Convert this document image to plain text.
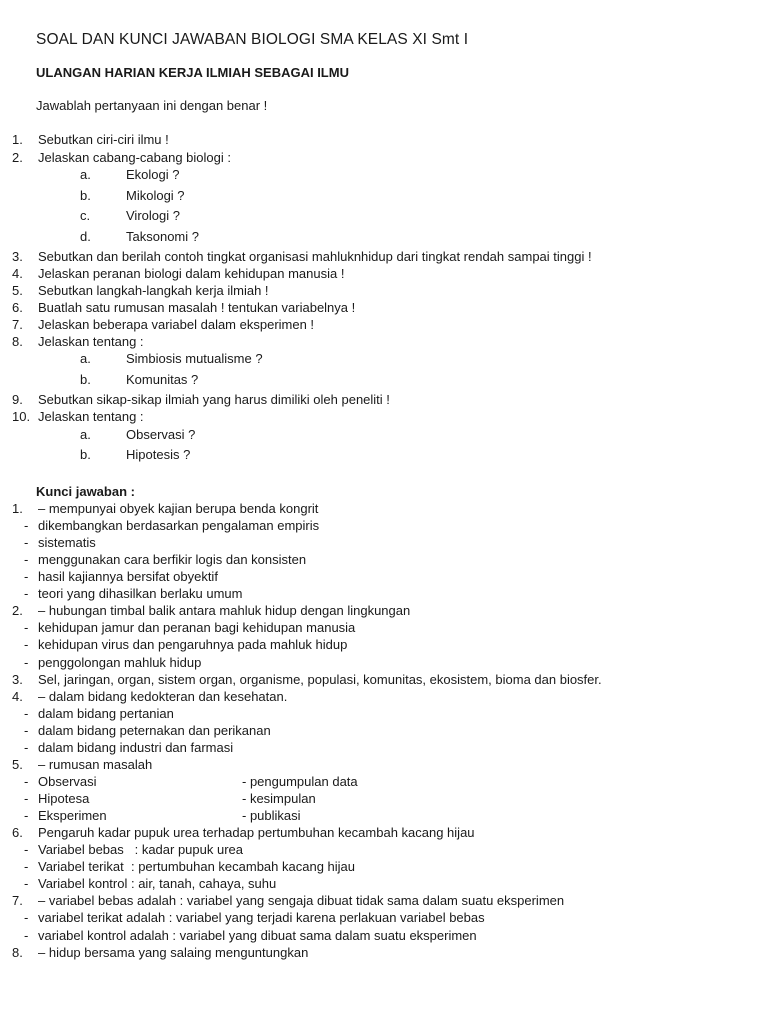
SOAL DAN KUNCI JAWABAN BIOLOGI SMA KELAS XI Smt I
ULANGAN HARIAN KERJA ILMIAH SEBAGAI ILMU
Jawablah pertanyaan ini dengan benar !
1. Sebutkan ciri-ciri ilmu !
2. Jelaskan cabang-cabang biologi :
a.	Ekologi ?
b.	Mikologi ?
c.	Virologi ?
d.	Taksonomi ?
3. Sebutkan dan berilah contoh tingkat organisasi mahluknhidup dari tingkat rendah sampai tinggi !
4. Jelaskan peranan biologi dalam kehidupan manusia !
5. Sebutkan langkah-langkah kerja ilmiah !
6. Buatlah satu rumusan masalah ! tentukan variabelnya !
7. Jelaskan beberapa variabel dalam eksperimen !
8. Jelaskan tentang :
a.	Simbiosis mutualisme ?
b.	Komunitas ?
9. Sebutkan sikap-sikap ilmiah yang harus dimiliki oleh peneliti !
10. Jelaskan tentang :
a.	Observasi ?
b.	Hipotesis ?
Kunci jawaban :
1. – mempunyai obyek kajian berupa benda kongrit
- dikembangkan berdasarkan pengalaman empiris
- sistematis
- menggunakan cara berfikir logis dan konsisten
- hasil kajiannya bersifat obyektif
- teori yang dihasilkan berlaku umum
2. – hubungan timbal balik antara mahluk hidup dengan lingkungan
- kehidupan jamur dan peranan bagi kehidupan manusia
- kehidupan virus dan pengaruhnya pada mahluk hidup
- penggolongan mahluk hidup
3. Sel, jaringan, organ, sistem organ, organisme, populasi, komunitas, ekosistem, bioma dan biosfer.
4. – dalam bidang kedokteran dan kesehatan.
- dalam bidang pertanian
- dalam bidang peternakan dan perikanan
- dalam bidang industri dan farmasi
5. – rumusan masalah
- Observasi	- pengumpulan data
- Hipotesa	- kesimpulan
- Eksperimen	- publikasi
6. Pengaruh kadar pupuk urea terhadap pertumbuhan kecambah kacang hijau
- Variabel bebas   : kadar pupuk urea
- Variabel terikat  : pertumbuhan kecambah kacang hijau
- Variabel kontrol : air, tanah, cahaya, suhu
7. – variabel bebas adalah : variabel yang sengaja dibuat tidak sama dalam suatu eksperimen
- variabel terikat adalah : variabel yang terjadi karena perlakuan variabel bebas
- variabel kontrol adalah : variabel yang dibuat sama dalam suatu eksperimen
8. – hidup bersama yang salaing menguntungkan
